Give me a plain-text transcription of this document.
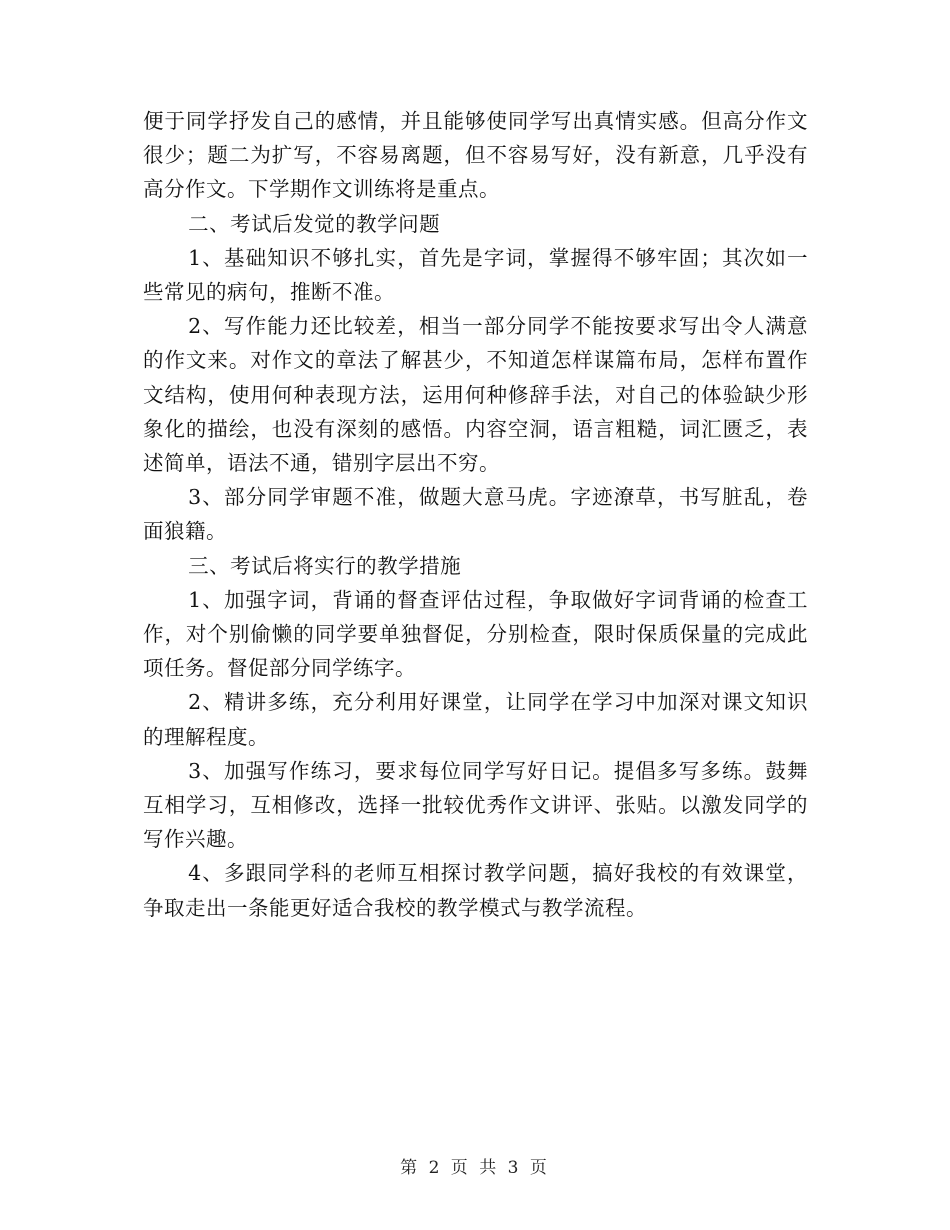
便于同学抒发自己的感情，并且能够使同学写出真情实感。但高分作文很少；题二为扩写，不容易离题，但不容易写好，没有新意，几乎没有高分作文。下学期作文训练将是重点。

二、考试后发觉的教学问题

1、基础知识不够扎实，首先是字词，掌握得不够牢固；其次如一些常见的病句，推断不准。

2、写作能力还比较差，相当一部分同学不能按要求写出令人满意的作文来。对作文的章法了解甚少，不知道怎样谋篇布局，怎样布置作文结构，使用何种表现方法，运用何种修辞手法，对自己的体验缺少形象化的描绘，也没有深刻的感悟。内容空洞，语言粗糙，词汇匮乏，表述简单，语法不通，错别字层出不穷。

3、部分同学审题不准，做题大意马虎。字迹潦草，书写脏乱，卷面狼籍。

三、考试后将实行的教学措施

1、加强字词，背诵的督查评估过程，争取做好字词背诵的检查工作，对个别偷懒的同学要单独督促，分别检查，限时保质保量的完成此项任务。督促部分同学练字。

2、精讲多练，充分利用好课堂，让同学在学习中加深对课文知识的理解程度。

3、加强写作练习，要求每位同学写好日记。提倡多写多练。鼓舞互相学习，互相修改，选择一批较优秀作文讲评、张贴。以激发同学的写作兴趣。

4、多跟同学科的老师互相探讨教学问题，搞好我校的有效课堂，争取走出一条能更好适合我校的教学模式与教学流程。

第 2 页 共 3 页
